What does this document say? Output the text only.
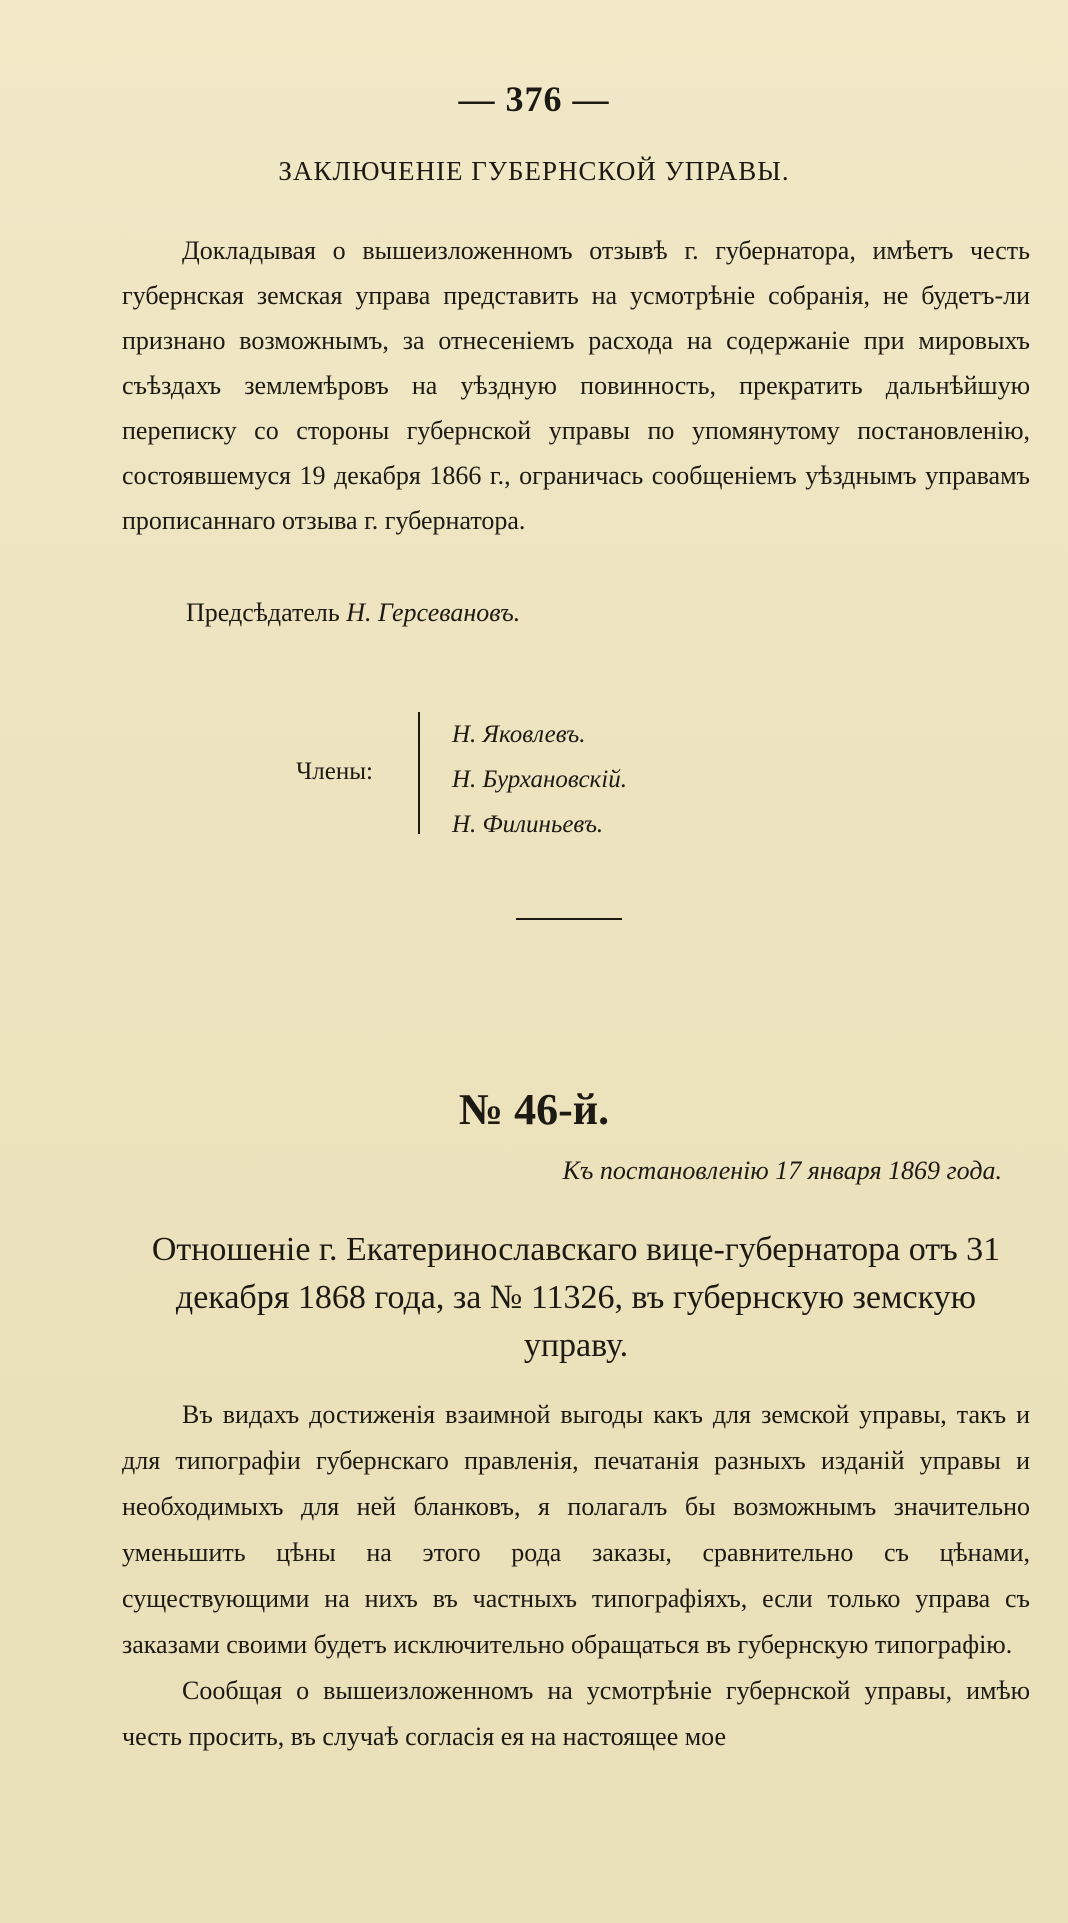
— 376 —
ЗАКЛЮЧЕНІЕ ГУБЕРНСКОЙ УПРАВЫ.

Докладывая о вышеизложенномъ отзывѣ г. губернатора, имѣетъ честь губернская земская управа представить на усмотрѣніе собранія, не будетъ-ли признано возможнымъ, за отнесеніемъ расхода на содержаніе при мировыхъ съѣздахъ землемѣровъ на уѣздную повинность, прекратить дальнѣйшую переписку со стороны губернской управы по упомянутому постановленію, состоявшемуся 19 декабря 1866 г., ограничась сообщеніемъ уѣзднымъ управамъ прописаннаго отзыва г. губернатора.

Предсѣдатель Н. Герсевановъ.
Члены:
Н. Яковлевъ.
Н. Бурхановскій.
Н. Филиньевъ.
№ 46-й.
Къ постановленію 17 января 1869 года.
Отношеніе г. Екатеринославскаго вице-губернатора отъ 31 декабря 1868 года, за № 11326, въ губернскую земскую управу.

Въ видахъ достиженія взаимной выгоды какъ для земской управы, такъ и для типографіи губернскаго правленія, печатанія разныхъ изданій управы и необходимыхъ для ней бланковъ, я полагалъ бы возможнымъ значительно уменьшить цѣны на этого рода заказы, сравнительно съ цѣнами, существующими на нихъ въ частныхъ типографіяхъ, если только управа съ заказами своими будетъ исключительно обращаться въ губернскую типографію.

Сообщая о вышеизложенномъ на усмотрѣніе губернской управы, имѣю честь просить, въ случаѣ согласія ея на настоящее мое
